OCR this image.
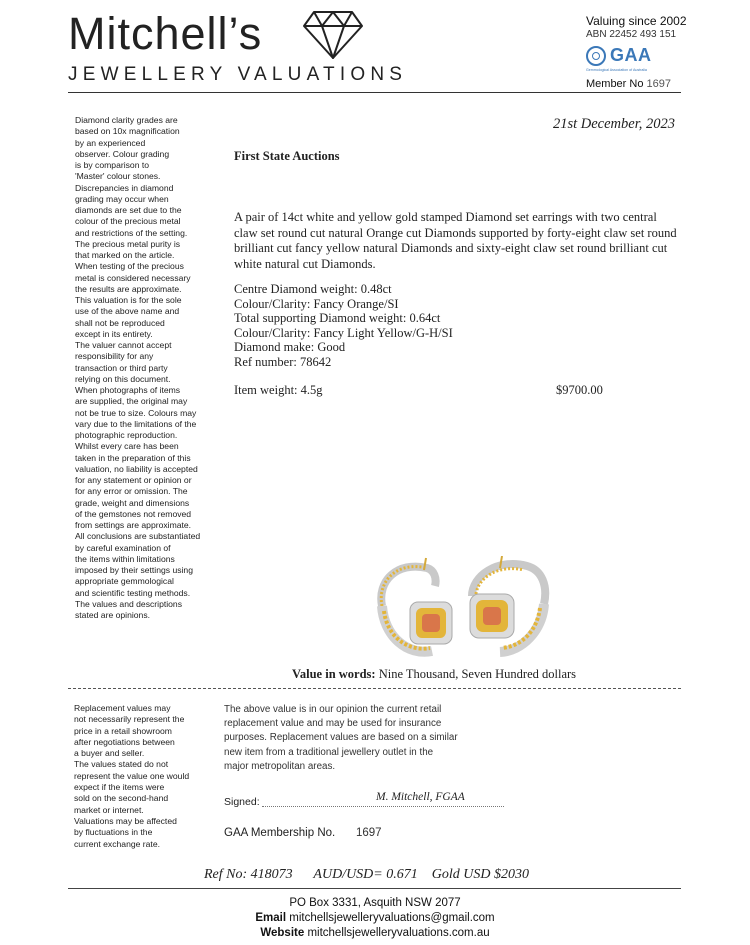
Mitchell’s
JEWELLERY VALUATIONS
Valuing since 2002
ABN 22452 493 151
GAA
Gemmological Association of Australia
Member No 1697
Diamond clarity grades are
based on 10x magnification
by an experienced
observer. Colour grading
is by comparison to
'Master' colour stones.
Discrepancies in diamond
grading may occur when
diamonds are set due to the
colour of the precious metal
and restrictions of the setting.
The precious metal purity is
that marked on the article.
When testing of the precious
metal is considered necessary
the results are approximate.
This valuation is for the sole
use of the above name and
shall not be reproduced
except in its entirety.
The valuer cannot accept
responsibility for any
transaction or third party
relying on this document.
When photographs of items
are supplied, the original may
not be true to size. Colours may
vary due to the limitations of the
photographic reproduction.
Whilst every care has been
taken in the preparation of this
valuation, no liability is accepted
for any statement or opinion or
for any error or omission. The
grade, weight and dimensions
of the gemstones not removed
from settings are approximate.
All conclusions are substantiated
by careful examination of
the items within limitations
imposed by their settings using
appropriate gemmological
and scientific testing methods.
The values and descriptions
stated are opinions.
21st December, 2023
First State Auctions
A pair of 14ct white and yellow gold stamped Diamond set earrings with two central claw set round cut natural Orange cut Diamonds supported by forty-eight claw set round brilliant cut fancy yellow natural Diamonds and sixty-eight claw set round brilliant cut white natural cut Diamonds.
Centre Diamond weight: 0.48ct
Colour/Clarity: Fancy Orange/SI
Total supporting Diamond weight: 0.64ct
Colour/Clarity: Fancy Light Yellow/G-H/SI
Diamond make: Good
Ref number: 78642
Item weight: 4.5g	$9700.00
Value in words: Nine Thousand, Seven Hundred dollars
Replacement values may
not necessarily represent the
price in a retail showroom
after negotiations between
a buyer and seller.
The values stated do not
represent the value one would
expect if the items were
sold on the second-hand
market or internet.
Valuations may be affected
by fluctuations in the
current exchange rate.
The above value is in our opinion the current retail
replacement value and may be used for insurance
purposes. Replacement values are based on a similar
new item from a traditional jewellery outlet in the
major metropolitan areas.
Signed:	M. Mitchell, FGAA
GAA Membership No. 1697
Ref No: 418073      AUD/USD= 0.671    Gold USD $2030
PO Box 3331, Asquith NSW 2077
Email mitchellsjewelleryvaluations@gmail.com
Website mitchellsjewelleryvaluations.com.au
